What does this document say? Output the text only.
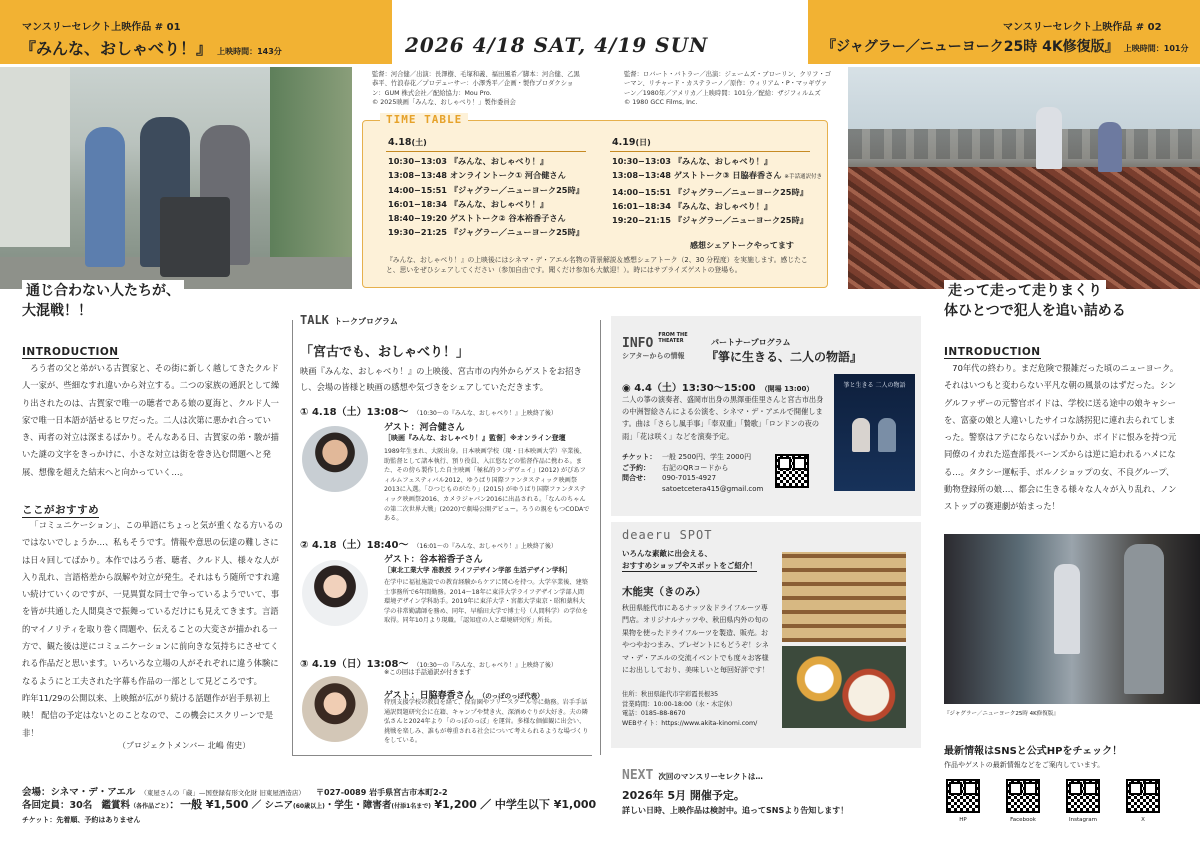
マンスリーセレクト上映作品 # 01
『みんな、おしゃべり！』 上映時間：143分	2026 4/18 SAT, 4/19 SUN
マンスリーセレクト上映作品 # 02
『ジャグラー／ニューヨーク25時 4K修復版』 上映時間：101分
通じ合わない人たちが、
大混戦！！
監督：河合健／出演：長澤樹、毛塚和義、福田風希／脚本：河合健、乙黒恭平、竹浪春花／プロデューサー：小澤秀平／企画・製作プロダクション：GUM 株式会社／配給協力：Mou Pro.
© 2025映画「みんな、おしゃべり！」製作委員会
監督：ロバート・バトラー／出演：ジェームズ・ブローリン、クリフ・ゴーマン、リチャード・カステラーノ／原作：ウィリアム・P・マッギヴァーン／1980年／アメリカ／上映時間：101分／配給：ザジフィルムズ
© 1980 GCC Films, Inc.
TIME TABLE
4.18(土)
10:30−13:03 『みんな、おしゃべり！』
13:08−13:48 オンライントーク① 河合健さん
14:00−15:51 『ジャグラー／ニューヨーク25時』
16:01−18:34 『みんな、おしゃべり！』
18:40−19:20 ゲストトーク② 谷本裕香子さん
19:30−21:25 『ジャグラー／ニューヨーク25時』
4.19(日)
10:30−13:03 『みんな、おしゃべり！』
13:08−13:48 ゲストトーク③ 日脇春香さん ※手話通訳付き
14:00−15:51 『ジャグラー／ニューヨーク25時』
16:01−18:34 『みんな、おしゃべり！』
19:20−21:15 『ジャグラー／ニューヨーク25時』
感想シェアトークやってます
『みんな、おしゃべり！』の上映後にはシネマ・デ・アエル名物の背景解説＆感想シェアトーク（2、30 分程度）を実施します。感じたこと、思いをぜひシェアしてください（参加自由です。聞くだけ参加も大歓迎！）。時にはサプライズゲストの登場も。
走って走って走りまくり
体ひとつで犯人を追い詰める
INTRODUCTION
ろう者の父と弟がいる古賀家と、その街に新しく越してきたクルド人一家が、些細なすれ違いから対立する。二つの家族の通訳として繰り出されたのは、古賀家で唯一の聴者である娘の夏海と、クルド人一家で唯一日本語が話せるヒワだった。二人は次第に悪かれ合っていき、両者の対立は深まるばかり。そんなある日、古賀家の弟・駿が描いた謎の文字をきっかけに、小さな対立は街を巻き込む問題へと発展、想像を超えた結末へと向かっていく…。
ここがおすすめ
「コミュニケーション」、この単語にちょっと気が重くなる方いるのではないでしょうか…、私もそうです。情報や意思の伝達の難しさには日々回してばかり。本作ではろう者、聴者、クルド人、様々な人が入り乱れ、言語格差から誤解や対立が発生。それはもう随所ですれ違い続けていくのですが、一見異質な同士で争っているようでいて、事を皆が共通した人間臭さで振舞っているだけにも見えてきます。言語的マイノリティを取り巻く問題や、伝えることの大変さが描かれる一方で、観た後は逆にコミュニケーションに前向きな気持ちにさせてくれる作品だと思います。いろいろな立場の人がそれぞれに違う体験になるようにと工夫された字幕も作品の一部として見どころです。
昨年11/29の公開以来、上映館が広がり続ける話題作が岩手県初上映！ 配信の予定はないとのことなので、この機会にスクリーンで是非！
（プロジェクトメンバー 北嶋 侑史）
TALK トークプログラム
「宮古でも、おしゃべり！」
映画『みんな、おしゃべり！』の上映後、宮古市の内外からゲストをお招きし、会場の皆様と映画の感想や気づきをシェアしていただきます。
① 4.18（土）13:08〜 （10:30〜の『みんな、おしゃべり！』上映終了後）
ゲスト：河合健さん
［映画『みんな、おしゃべり！』監督］※オンライン登壇
1989年生まれ、大阪出身。日本映画学校（現・日本映画大学）卒業後、助監督として諸本執行、預り役員、入江悠などの監督作品に携わる。また、その傍ら製作した自主映画「極私的ランデヴェイ」(2012) がぴあフィルムフェスティバル2012、ゆうばり国際ファンタスティック映画祭2013に入選。「ひつじものがたり」(2015) がゆうばり国際ファンタスティック映画祭2016、カメラジャパン2016に出品される。「なんのちゃんの第二次世界大戦」(2020)で劇場公開デビュー。ろうの親をもつCODAである。
② 4.18（土）18:40〜 （16:01〜の『みんな、おしゃべり！』上映終了後）
ゲスト：谷本裕香子さん
［東北工業大学 准教授 ライフデザイン学部 生活デザイン学科］
在学中に福祉施設での教育経験からケアに関心を持つ。大学卒業後、建築士事務所で6年間勤務。2014〜18年に東洋大学ライフデザイン学部人間環境デザイン学科助手。2019年に東洋大学・宮都大学東京・昭和薬科大学の非常勤講師を務め、同年、早稲田大学で博士号（人間科学）の学位を取得。同年10月より現職。「認知症の人と環境研究所」所長。
③ 4.19（日）13:08〜 （10:30〜の『みんな、おしゃべり！』上映終了後）
※この回は手話通訳が付きます
ゲスト：日脇春香さん （のっぽのっぽ代表）
特別支援学校の教員を経て、保育園やフリースクール等に勤務。岩手手話通訳問題研究会に在籍、キャンプや焚き火、深酒めぐりが大好き。夫の隣弘さんと2024年より「のっぽのっぽ」を運営。多様な価値観に出会い、挑戦を楽しみ、誰もが尊重される社会について考えられるような場づくりをしている。
INFO FROM THE
THEATER
シアターからの情報
パートナープログラム
『箏に生きる、二人の物語』
◉ 4.4（土）13:30〜15:00 （開場 13:00）
二人の箏の演奏者、盛岡市出身の黒澤亜佳里さんと宮古市出身の中洲智絵さんによる公演を、シネマ・デ・アエルで開催します。曲は「さらし風手事」「奉双重」「贄歌」「ロンドンの夜の雨」「花は咲く」などを演奏予定。
チケット： 一般 2500円、学生 2000円
ご予約： 右記のQRコードから
問合せ： 090-7015-4927
satoetcetera415@gmail.com
箏と生きる 二人の物語
deaeru SPOT
いろんな素敵に出会える、
おすすめショップやスポットをご紹介！
木能実（きのみ）
秋田県能代市にあるナッツ＆ドライフルーツ専門店。オリジナルナッツや、秋田県内外の旬の果物を使ったドライフルーツを製造、販売。おやつやおつまみ、プレゼントにもどうぞ！シネマ・デ・アエルの交流イベントでも度々お客様にお出ししており、美味しいと毎回好評です！
住所：秋田県能代市字彩霞長根35
営業時間：10:00-18:00（水・木定休）
電話：0185-88-8670
WEBサイト：https://www.akita-kinomi.com/
NEXT 次回のマンスリーセレクトは…
2026年 5月 開催予定。
詳しい日時、上映作品は検討中。追ってSNSより告知します！
INTRODUCTION
70年代の終わり。まだ危険で猥雑だった頃のニューヨーク。それはいつもと変わらない平凡な朝の風景のはずだった。シングルファザーの元警官ボイドは、学校に送る途中の娘キャシーを、富豪の娘と人違いしたサイコな誘拐犯に連れ去られてしまった。警察はアテにならないばかりか、ボイドに恨みを持つ元同僚のイカれた巡査部長バーンズからは逆に追われるハメになる…。タクシー運転手、ポルノショップの女、不良グループ、動物登録所の娘…、都会に生きる様々な人々が入り乱れ、ノンストップの赛連劇が始まった！
『ジャグラー／ニューヨーク25時 4K修復版』
最新情報はSNSと公式HPをチェック！
作品やゲストの最新情報などをご案内しています。
HP	Facebook	Instagram	X
会場：シネマ・デ・アエル （東屋さんの「蔵」—国登録有形文化財 旧東屋酒造店） 〒027-0089 岩手県宮古市本町2-2
各回定員：30名 鑑賞料（各作品ごと）：一般 ¥1,500 ／ シニア(60歳以上)・学生・障害者(付添1名まで) ¥1,200 ／ 中学生以下 ¥1,000
チケット：先着順、予約はありません
